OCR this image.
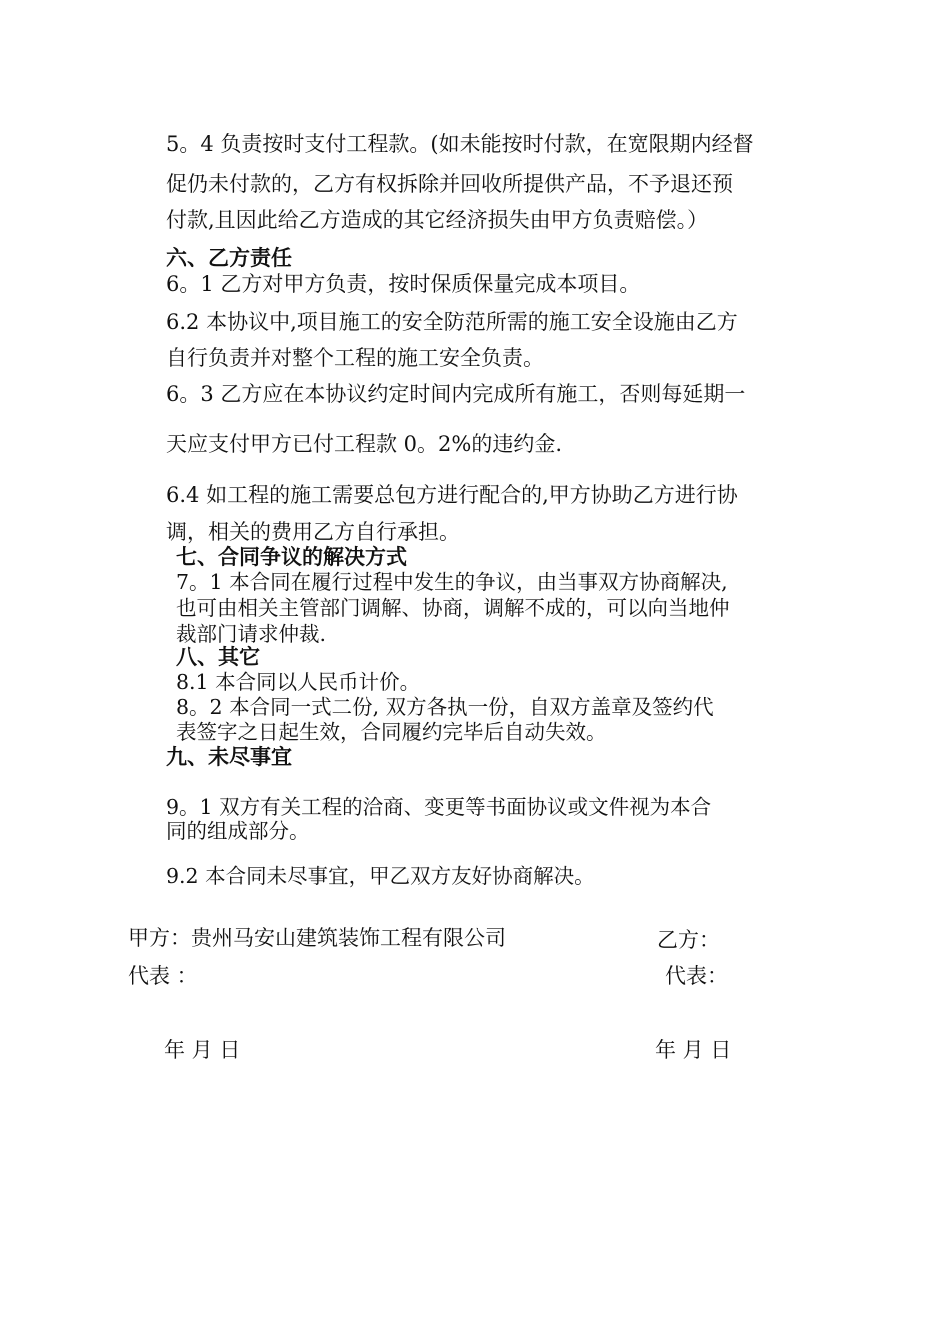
5。4 负责按时支付工程款。(如未能按时付款，在宽限期内经督
促仍未付款的，乙方有权拆除并回收所提供产品，不予退还预
付款,且因此给乙方造成的其它经济损失由甲方负责赔偿。）
六、乙方责任
6。1 乙方对甲方负责，按时保质保量完成本项目。
6.2 本协议中,项目施工的安全防范所需的施工安全设施由乙方
自行负责并对整个工程的施工安全负责。
6。3 乙方应在本协议约定时间内完成所有施工，否则每延期一
天应支付甲方已付工程款 0。2%的违约金.
6.4 如工程的施工需要总包方进行配合的,甲方协助乙方进行协
调，相关的费用乙方自行承担。
七、合同争议的解决方式
7。1 本合同在履行过程中发生的争议，由当事双方协商解决,
也可由相关主管部门调解、协商，调解不成的，可以向当地仲
裁部门请求仲裁.
八、其它
8.1 本合同以人民币计价。
8。2 本合同一式二份, 双方各执一份，自双方盖章及签约代
表签字之日起生效，合同履约完毕后自动失效。
九、未尽事宜
9。1 双方有关工程的洽商、变更等书面协议或文件视为本合
同的组成部分。
9.2 本合同未尽事宜，甲乙双方友好协商解决。
甲方：贵州马安山建筑装饰工程有限公司	乙方：
代表 ：	代表：
年 月 日	年 月 日
